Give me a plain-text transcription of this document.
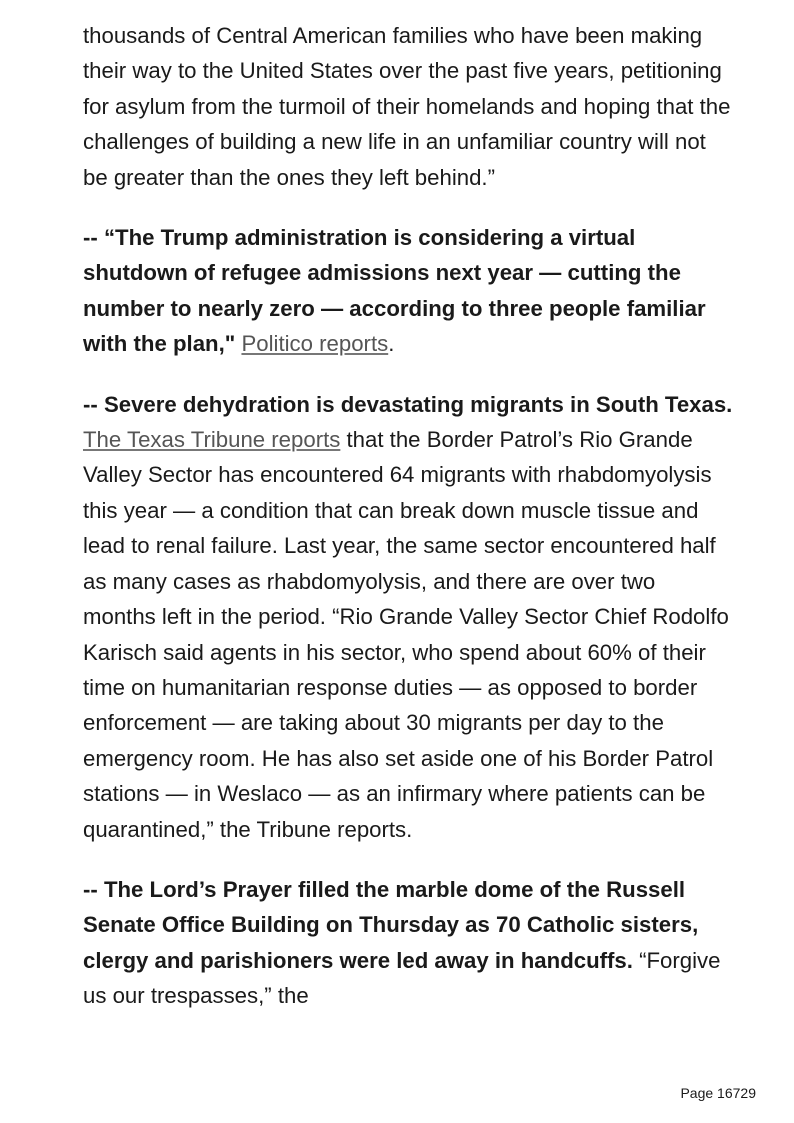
thousands of Central American families who have been making their way to the United States over the past five years, petitioning for asylum from the turmoil of their homelands and hoping that the challenges of building a new life in an unfamiliar country will not be greater than the ones they left behind.”

-- “The Trump administration is considering a virtual shutdown of refugee admissions next year — cutting the number to nearly zero — according to three people familiar with the plan," Politico reports.

-- Severe dehydration is devastating migrants in South Texas. The Texas Tribune reports that the Border Patrol’s Rio Grande Valley Sector has encountered 64 migrants with rhabdomyolysis this year — a condition that can break down muscle tissue and lead to renal failure. Last year, the same sector encountered half as many cases as rhabdomyolysis, and there are over two months left in the period. “Rio Grande Valley Sector Chief Rodolfo Karisch said agents in his sector, who spend about 60% of their time on humanitarian response duties — as opposed to border enforcement — are taking about 30 migrants per day to the emergency room. He has also set aside one of his Border Patrol stations — in Weslaco — as an infirmary where patients can be quarantined,” the Tribune reports.

-- The Lord’s Prayer filled the marble dome of the Russell Senate Office Building on Thursday as 70 Catholic sisters, clergy and parishioners were led away in handcuffs. “Forgive us our trespasses,” the

Page 16729
